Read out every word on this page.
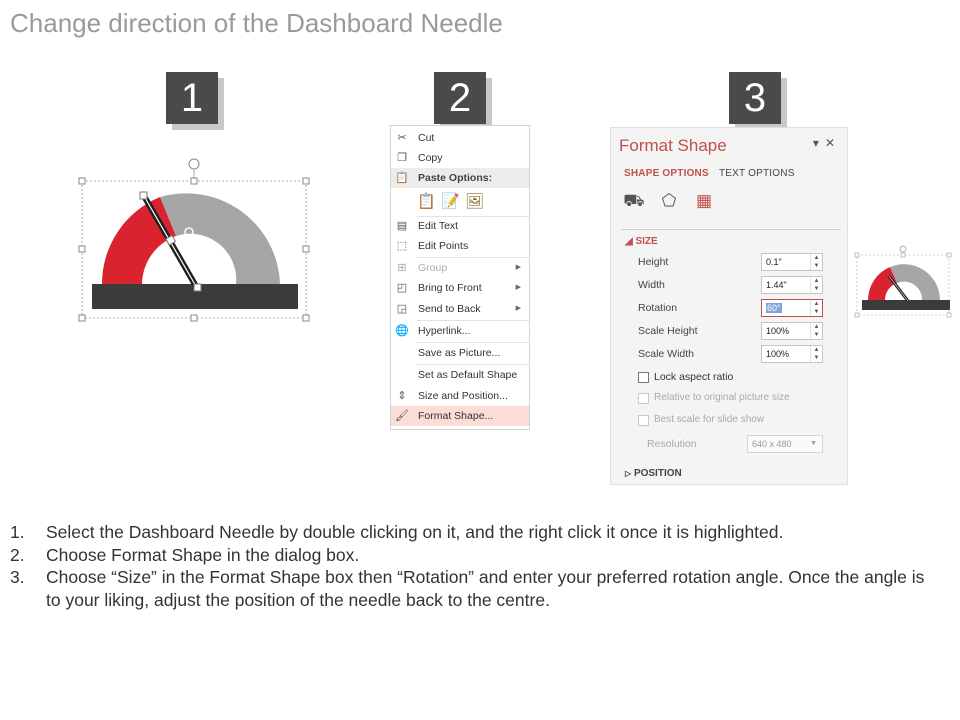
Change direction of the Dashboard Needle
1	2	3
✂ Cut
❐ Copy
📋 Paste Options:
📋 📝 🖼
▤ Edit Text
⬚ Edit Points
⊞ Group	▶
◰ Bring to Front	▶
◲ Send to Back	▶
🌐 Hyperlink...
Save as Picture...
Set as Default Shape
⇕ Size and Position...
🖌 Format Shape...
Format Shape	▾✕
SHAPE OPTIONS TEXT OPTIONS
⛟ ⬠ ▦
◢ SIZE
Height	0.1"	▲
▼
Width	1.44"	▲
▼
Rotation	60°	▲
▼
Scale Height	100%	▲
▼
Scale Width	100%	▲
▼
Lock aspect ratio
Relative to original picture size
Best scale for slide show
Resolution	640 x 480	▼
▷ POSITION
1. Select the Dashboard Needle by double clicking on it, and the right click it once it is highlighted.
2. Choose Format Shape in the dialog box.
3. Choose “Size” in the Format Shape box then “Rotation” and enter your preferred rotation angle. Once the angle is to your liking, adjust the position of the needle back to the centre.
